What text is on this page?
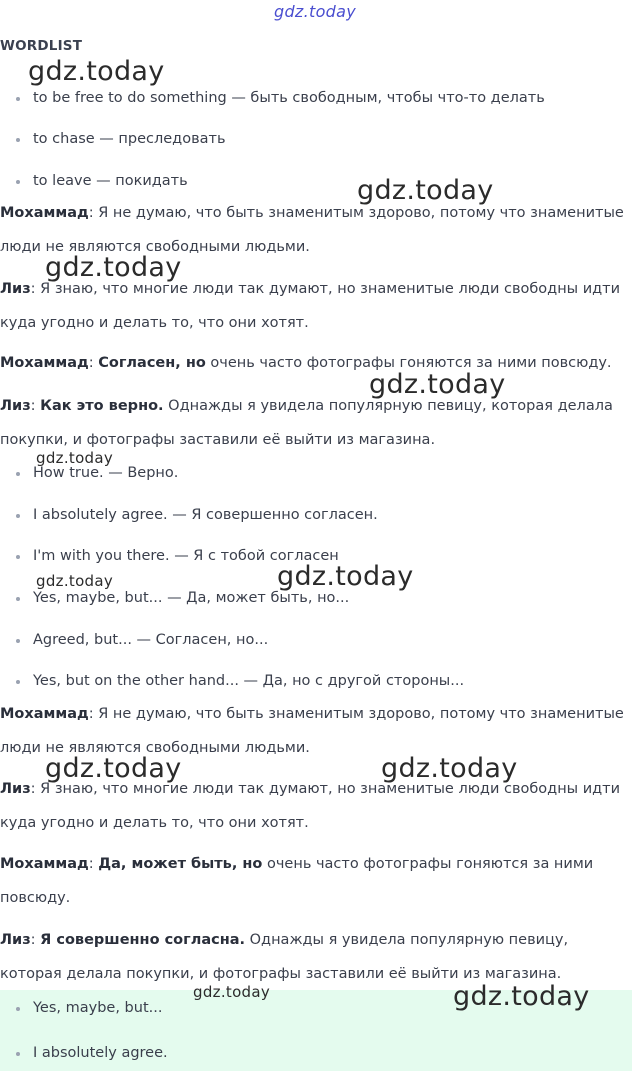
gdz.today
WORDLIST
to be free to do something — быть свободным, чтобы что-то делать
to chase — преследовать
to leave — покидать
Мохаммад: Я не думаю, что быть знаменитым здорово, потому что знаменитые люди не являются свободными людьми.
Лиз: Я знаю, что многие люди так думают, но знаменитые люди свободны идти куда угодно и делать то, что они хотят.
Мохаммад: Согласен, но очень часто фотографы гоняются за ними повсюду.
Лиз: Как это верно. Однажды я увидела популярную певицу, которая делала покупки, и фотографы заставили её выйти из магазина.
How true. — Верно.
I absolutely agree. — Я совершенно согласен.
I'm with you there. — Я с тобой согласен
Yes, maybe, but... — Да, может быть, но...
Agreed, but... — Согласен, но...
Yes, but on the other hand... — Да, но с другой стороны...
Мохаммад: Я не думаю, что быть знаменитым здорово, потому что знаменитые люди не являются свободными людьми.
Лиз: Я знаю, что многие люди так думают, но знаменитые люди свободны идти куда угодно и делать то, что они хотят.
Мохаммад: Да, может быть, но очень часто фотографы гоняются за ними повсюду.
Лиз: Я совершенно согласна. Однажды я увидела популярную певицу, которая делала покупки, и фотографы заставили её выйти из магазина.
Yes, maybe, but...
I absolutely agree.
gdz.today
gdz.today
gdz.today
gdz.today
gdz.today
gdz.today
gdz.today
gdz.today	gdz.today
gdz.today	gdz.today
